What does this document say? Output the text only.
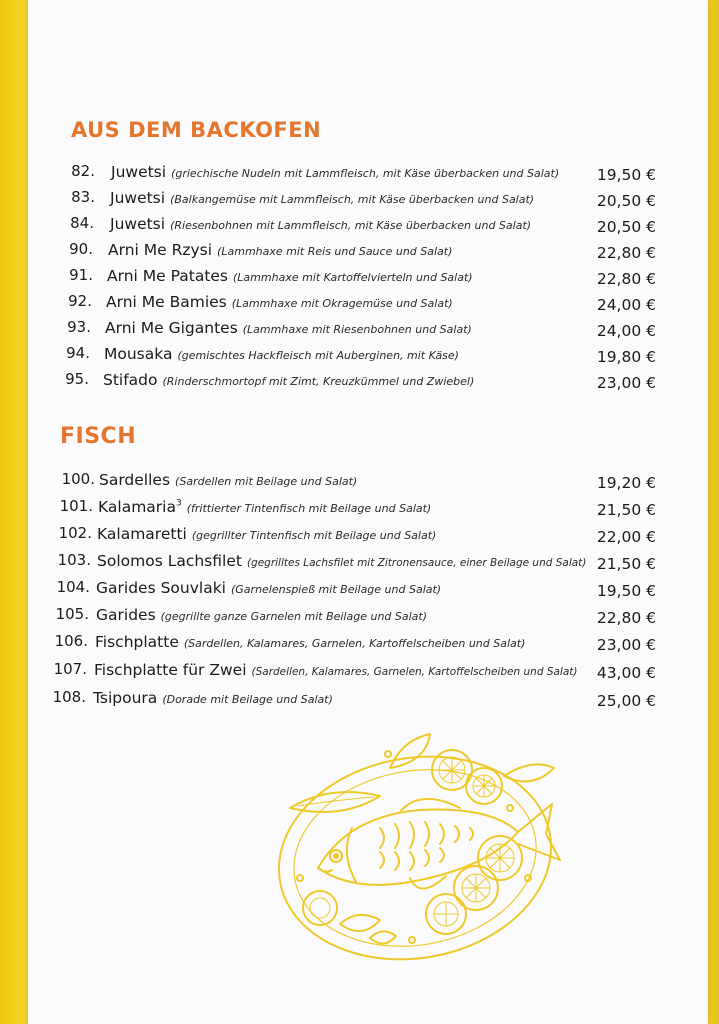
AUS DEM BACKOFEN
82. Juwetsi (griechische Nudeln mit Lammfleisch, mit Käse überbacken und Salat)	19,50 €
83. Juwetsi (Balkangemüse mit Lammfleisch, mit Käse überbacken und Salat)	20,50 €
84. Juwetsi (Riesenbohnen mit Lammfleisch, mit Käse überbacken und Salat)	20,50 €
90. Arni Me Rzysi (Lammhaxe mit Reis und Sauce und Salat)	22,80 €
91. Arni Me Patates (Lammhaxe mit Kartoffelvierteln und Salat)	22,80 €
92. Arni Me Bamies (Lammhaxe mit Okragemüse und Salat)	24,00 €
93. Arni Me Gigantes (Lammhaxe mit Riesenbohnen und Salat)	24,00 €
94. Mousaka (gemischtes Hackfleisch mit Auberginen, mit Käse)	19,80 €
95. Stifado (Rinderschmortopf mit Zimt, Kreuzkümmel und Zwiebel)	23,00 €
FISCH
100. Sardelles (Sardellen mit Beilage und Salat)	19,20 €
101. Kalamaria$^3$ (frittierter Tintenfisch mit Beilage und Salat)	21,50 €
102. Kalamaretti (gegrillter Tintenfisch mit Beilage und Salat)	22,00 €
103. Solomos Lachsfilet (gegrilltes Lachsfilet mit Zitronensauce, einer Beilage und Salat) 21,50 €
104. Garides Souvlaki (Garnelenspieß mit Beilage und Salat)	19,50 €
105. Garides (gegrillte ganze Garnelen mit Beilage und Salat)	22,80 €
106. Fischplatte (Sardellen, Kalamares, Garnelen, Kartoffelscheiben und Salat)	23,00 €
107. Fischplatte für Zwei (Sardellen, Kalamares, Garnelen, Kartoffelscheiben und Salat)	43,00 €
108. Tsipoura (Dorade mit Beilage und Salat)	25,00 €
